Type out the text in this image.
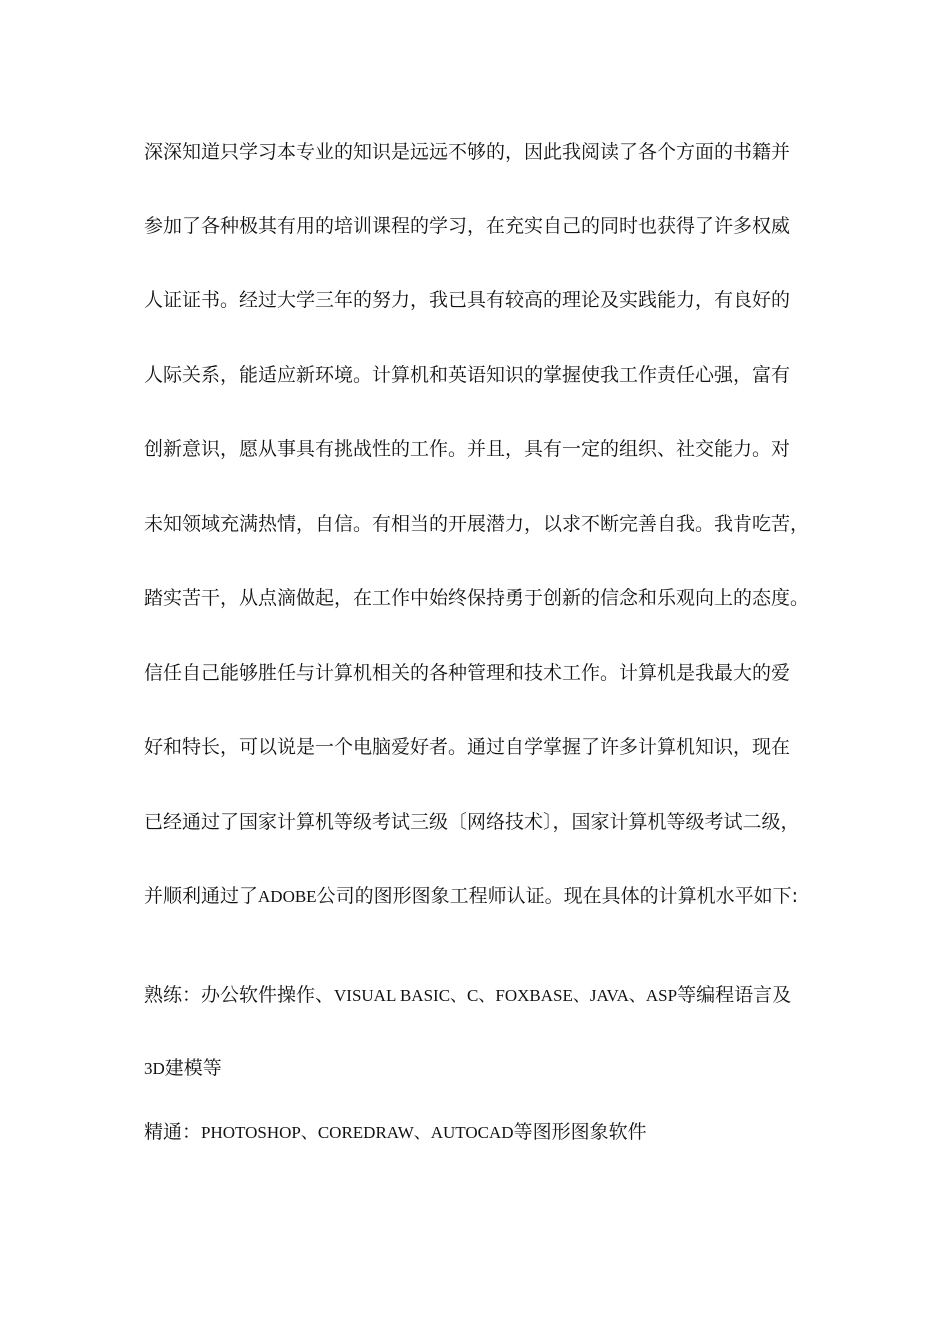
深深知道只学习本专业的知识是远远不够的，因此我阅读了各个方面的书籍并
参加了各种极其有用的培训课程的学习，在充实自己的同时也获得了许多权威
人证证书。经过大学三年的努力，我已具有较高的理论及实践能力，有良好的
人际关系，能适应新环境。计算机和英语知识的掌握使我工作责任心强，富有
创新意识，愿从事具有挑战性的工作。并且，具有一定的组织、社交能力。对
未知领域充满热情，自信。有相当的开展潜力，以求不断完善自我。我肯吃苦，
踏实苦干，从点滴做起，在工作中始终保持勇于创新的信念和乐观向上的态度。
信任自己能够胜任与计算机相关的各种管理和技术工作。计算机是我最大的爱
好和特长，可以说是一个电脑爱好者。通过自学掌握了许多计算机知识，现在
已经通过了国家计算机等级考试三级〔网络技术〕，国家计算机等级考试二级，
并顺利通过了ADOBE公司的图形图象工程师认证。现在具体的计算机水平如下:
熟练：办公软件操作、VISUAL BASIC、C、FOXBASE、JAVA、ASP等编程语言及
3D建模等
精通：PHOTOSHOP、COREDRAW、AUTOCAD等图形图象软件
